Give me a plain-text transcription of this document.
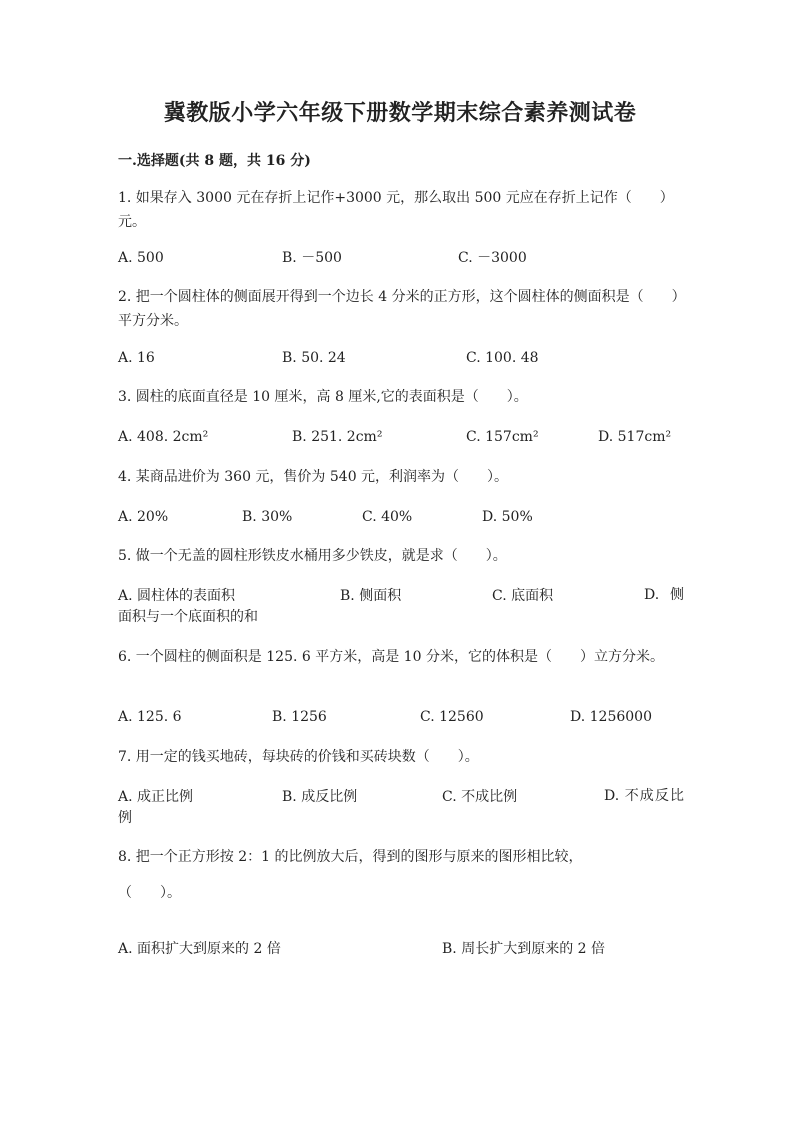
冀教版小学六年级下册数学期末综合素养测试卷
一.选择题(共 8 题，共 16 分)
1. 如果存入 3000 元在存折上记作+3000 元，那么取出 500 元应在存折上记作（　　）元。
A. 500	B. －500	C. －3000
2. 把一个圆柱体的侧面展开得到一个边长 4 分米的正方形，这个圆柱体的侧面积是（　　）平方分米。
A. 16	B. 50. 24	C. 100. 48
3. 圆柱的底面直径是 10 厘米，高 8 厘米,它的表面积是（　　）。
A. 408. 2cm²	B. 251. 2cm²	C. 157cm²	D. 517cm²
4. 某商品进价为 360 元，售价为 540 元，利润率为（　　）。
A. 20%	B. 30%	C. 40%	D. 50%
5. 做一个无盖的圆柱形铁皮水桶用多少铁皮，就是求（　　）。
A. 圆柱体的表面积	B. 侧面积	C. 底面积	D. 侧面积与一个底面积的和
6. 一个圆柱的侧面积是 125. 6 平方米，高是 10 分米，它的体积是（　　）立方分米。
A. 125. 6	B. 1256	C. 12560	D. 1256000
7. 用一定的钱买地砖，每块砖的价钱和买砖块数（　　）。
A. 成正比例	B. 成反比例	C. 不成比例	D. 不成反比例
8. 把一个正方形按 2：1 的比例放大后，得到的图形与原来的图形相比较，
（　　）。
A. 面积扩大到原来的 2 倍	B. 周长扩大到原来的 2 倍
